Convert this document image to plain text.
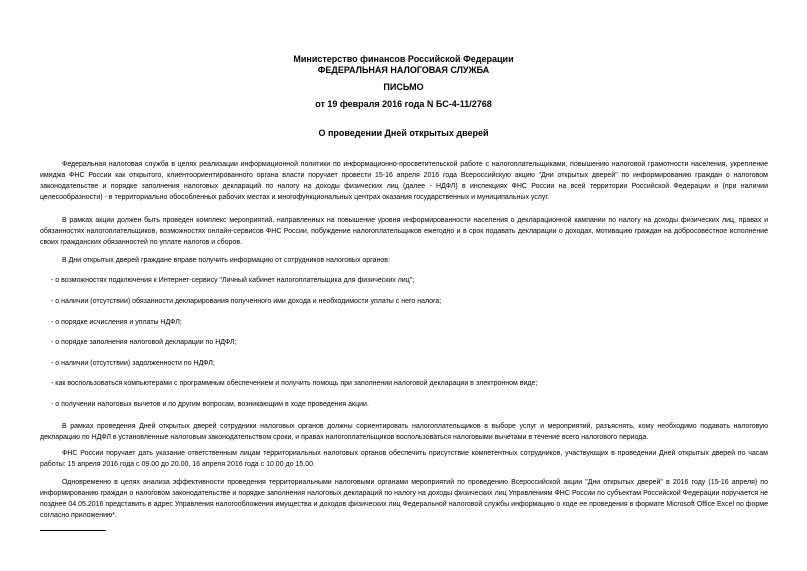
Министерство финансов Российской Федерации
ФЕДЕРАЛЬНАЯ НАЛОГОВАЯ СЛУЖБА
ПИСЬМО
от 19 февраля 2016 года N БС-4-11/2768
О проведении Дней открытых дверей
Федеральная налоговая служба в целях реализации информационной политики по информационно-просветительской работе с налогоплательщиками, повышению налоговой грамотности населения, укрепление имиджа ФНС России как открытого, клиентоориентированного органа власти поручает провести 15-16 апреля 2016 года Всероссийскую акцию "Дни открытых дверей" по информированию граждан о налоговом законодательстве и порядке заполнения налоговых деклараций по налогу на доходы физических лиц (далее - НДФЛ) в инспекциях ФНС России на всей территории Российской Федерации и (при наличии целесообразности) - в территориально обособленных рабочих местах и многофункциональных центрах оказания государственных и муниципальных услуг.
В рамках акции должен быть проведен комплекс мероприятий, направленных на повышение уровня информированности населения о декларационной кампании по налогу на доходы физических лиц, правах и обязанностях налогоплательщиков, возможностях онлайн-сервисов ФНС России, побуждение налогоплательщиков ежегодно и в срок подавать декларации о доходах, мотивацию граждан на добросовестное исполнение своих гражданских обязанностей по уплате налогов и сборов.
В Дни открытых дверей граждане вправе получить информацию от сотрудников налоговых органов:
- о возможностях подключения к Интернет-сервису "Личный кабинет налогоплательщика для физических лиц";
- о наличии (отсутствии) обязанности декларирования полученного ими дохода и необходимости уплаты с него налога;
- о порядке исчисления и уплаты НДФЛ;
- о порядке заполнения налоговой декларации по НДФЛ;
- о наличии (отсутствии) задолженности по НДФЛ;
- как воспользоваться компьютерами с программным обеспечением и получить помощь при заполнении налоговой декларации в электронном виде;
- о получении налоговых вычетов и по другим вопросам, возникающим в ходе проведения акции.
В рамках проведения Дней открытых дверей сотрудники налоговых органов должны сориентировать налогоплательщиков в выборе услуг и мероприятий, разъяснять, кому необходимо подавать налоговую декларацию по НДФЛ в установленные налоговым законодательством сроки, и правах налогоплательщиков воспользоваться налоговыми вычетами в течение всего налогового периода.
ФНС России поручает дать указание ответственным лицам территориальных налоговых органов обеспечить присутствие компетентных сотрудников, участвующих в проведении Дней открытых дверей по часам работы: 15 апреля 2016 года с 09.00 до 20.00, 16 апреля 2016 года с 10.00 до 15.00.
Одновременно в целях анализа эффективности проведения территориальными налоговыми органами мероприятий по проведению Всероссийской акции "Дни открытых дверей" в 2016 году (15-16 апреля) по информированию граждан о налоговом законодательстве и порядке заполнения налоговых деклараций по налогу на доходы физических лиц Управлениям ФНС России по субъектам Российской Федерации поручается не позднее 04.05.2016 представить в адрес Управления налогообложения имущества и доходов физических лиц Федеральной налоговой службы информацию о ходе ее проведения в формате Microsoft Office Excel по форме согласно приложению*.
